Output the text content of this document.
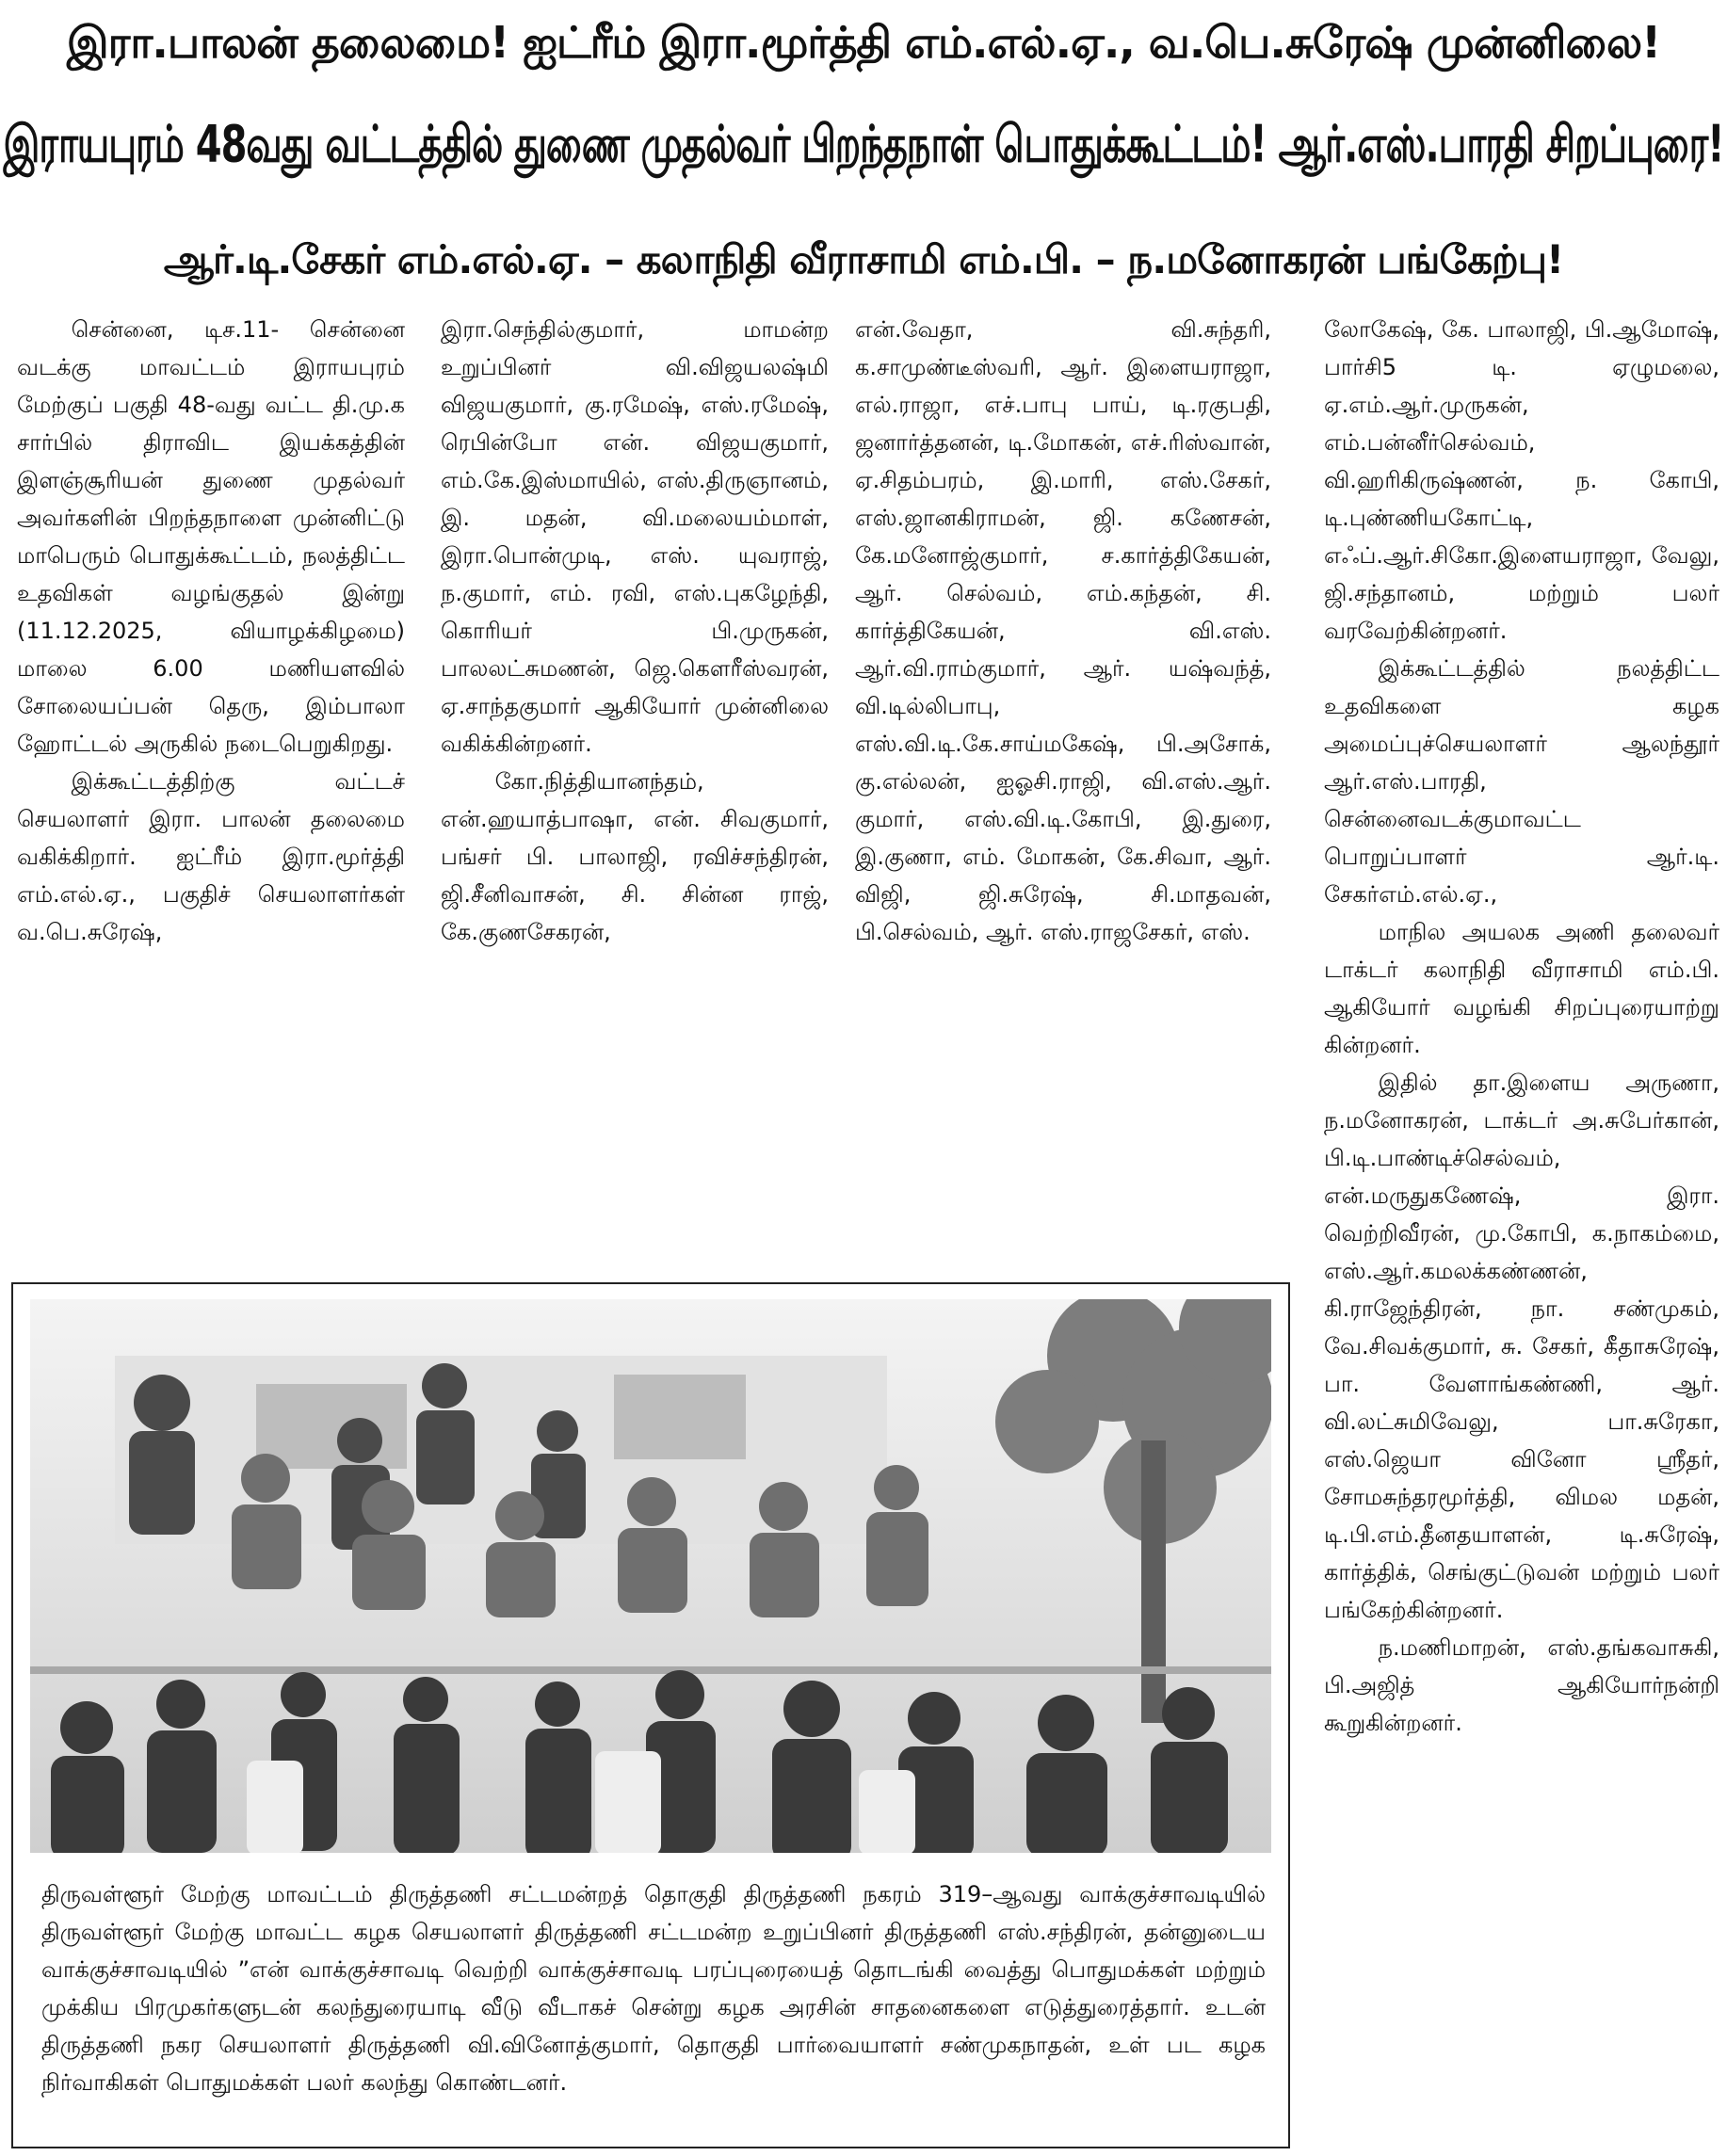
இரா.பாலன் தலைமை! ஐட்ரீம் இரா.மூர்த்தி எம்.எல்.ஏ., வ.பெ.சுரேஷ் முன்னிலை!
இராயபுரம் 48வது வட்டத்தில் துணை முதல்வர் பிறந்தநாள் பொதுக்கூட்டம்! ஆர்.எஸ்.பாரதி சிறப்புரை!
ஆர்.டி.சேகர் எம்.எல்.ஏ. – கலாநிதி வீராசாமி எம்.பி. – ந.மனோகரன் பங்கேற்பு!

சென்னை, டிச.11- சென்னை வடக்கு மாவட்டம் இராயபுரம் மேற்குப் பகுதி 48-வது வட்ட தி.மு.க சார்பில் திராவிட இயக்கத்தின் இளஞ்சூரியன் துணை முதல்வர் அவர்களின் பிறந்தநாளை முன்னிட்டு மாபெரும் பொதுக்கூட்டம், நலத்திட்ட உதவிகள் வழங்குதல் இன்று (11.12.2025, வியாழக்கிழமை) மாலை 6.00 மணியளவில் சோலையப்பன் தெரு, இம்பாலா ஹோட்டல் அருகில் நடைபெறுகிறது.

இக்கூட்டத்திற்கு வட்டச் செயலாளர் இரா. பாலன் தலைமை வகிக்கிறார். ஐட்ரீம் இரா.மூர்த்தி எம்.எல்.ஏ., பகுதிச் செயலாளர்கள் வ.பெ.சுரேஷ்,

இரா.செந்தில்குமார், மாமன்ற உறுப்பினர் வி.விஜயலஷ்மி விஜயகுமார், கு.ரமேஷ், எஸ்.ரமேஷ், ரெபின்போ என். விஜயகுமார், எம்.கே.இஸ்மாயில், எஸ்.திருஞானம், இ. மதன், வி.மலையம்மாள், இரா.பொன்முடி, எஸ். யுவராஜ், ந.குமார், எம். ரவி, எஸ்.புகழேந்தி, கொரியர் பி.முருகன், பாலலட்சுமணன், ஜெ.கௌரீஸ்வரன், ஏ.சாந்தகுமார் ஆகியோர் முன்னிலை வகிக்கின்றனர்.

கோ.நித்தியானந்தம், என்.ஹயாத்பாஷா, என். சிவகுமார், பங்சர் பி. பாலாஜி, ரவிச்சந்திரன், ஜி.சீனிவாசன், சி. சின்ன ராஜ், கே.குணசேகரன்,

என்.வேதா, வி.சுந்தரி, க.சாமுண்டீஸ்வரி, ஆர். இளையராஜா, எல்.ராஜா, எச்.பாபு பாய், டி.ரகுபதி, ஜனார்த்தனன், டி.மோகன், எச்.ரிஸ்வான், ஏ.சிதம்பரம், இ.மாரி, எஸ்.சேகர், எஸ்.ஜானகிராமன், ஜி. கணேசன், கே.மனோஜ்குமார், ச.கார்த்திகேயன், ஆர். செல்வம், எம்.கந்தன், சி. கார்த்திகேயன், வி.எஸ். ஆர்.வி.ராம்குமார், ஆர். யஷ்வந்த், வி.டில்லிபாபு, எஸ்.வி.டி.கே.சாய்மகேஷ், பி.அசோக், கு.எல்லன், ஐஓசி.ராஜி, வி.எஸ்.ஆர். குமார், எஸ்.வி.டி.கோபி, இ.துரை, இ.குணா, எம். மோகன், கே.சிவா, ஆர். விஜி, ஜி.சுரேஷ், சி.மாதவன், பி.செல்வம், ஆர். எஸ்.ராஜசேகர், எஸ்.

லோகேஷ், கே. பாலாஜி, பி.ஆமோஷ், பார்சி5 டி. ஏழுமலை, ஏ.எம்.ஆர்.முருகன், எம்.பன்னீர்செல்வம், வி.ஹரிகிருஷ்ணன், ந. கோபி, டி.புண்ணியகோட்டி, எஃப்.ஆர்.சிகோ.இளையராஜா, வேலு, ஜி.சந்தானம், மற்றும் பலர் வரவேற்கின்றனர்.

இக்கூட்டத்தில் நலத்திட்ட உதவிகளை கழக அமைப்புச்செயலாளர் ஆலந்தூர் ஆர்.எஸ்.பாரதி, சென்னைவடக்குமாவட்ட பொறுப்பாளர் ஆர்.டி. சேகர்எம்.எல்.ஏ.,

மாநில அயலக அணி தலைவர் டாக்டர் கலாநிதி வீராசாமி எம்.பி. ஆகியோர் வழங்கி சிறப்புரையாற்று கின்றனர்.

இதில் தா.இளைய அருணா, ந.மனோகரன், டாக்டர் அ.சுபேர்கான், பி.டி.பாண்டிச்செல்வம், என்.மருதுகணேஷ், இரா. வெற்றிவீரன், மு.கோபி, க.நாகம்மை, எஸ்.ஆர்.கமலக்கண்ணன், கி.ராஜேந்திரன், நா. சண்முகம், வே.சிவக்குமார், சு. சேகர், கீதாசுரேஷ், பா. வேளாங்கண்ணி, ஆர். வி.லட்சுமிவேலு, பா.சுரேகா, எஸ்.ஜெயா வினோ ஸ்ரீதர், சோமசுந்தரமூர்த்தி, விமல மதன், டி.பி.எம்.தீனதயாளன், டி.சுரேஷ், கார்த்திக், செங்குட்டுவன் மற்றும் பலர் பங்கேற்கின்றனர்.

ந.மணிமாறன், எஸ்.தங்கவாசுகி, பி.அஜித் ஆகியோர்நன்றி கூறுகின்றனர்.

திருவள்ளூர் மேற்கு மாவட்டம் திருத்தணி சட்டமன்றத் தொகுதி திருத்தணி நகரம் 319–ஆவது வாக்குச்சாவடியில் திருவள்ளூர் மேற்கு மாவட்ட கழக செயலாளர் திருத்தணி சட்டமன்ற உறுப்பினர் திருத்தணி எஸ்.சந்திரன், தன்னுடைய வாக்குச்சாவடியில் ”என் வாக்குச்சாவடி வெற்றி வாக்குச்சாவடி பரப்புரையைத் தொடங்கி வைத்து பொதுமக்கள் மற்றும் முக்கிய பிரமுகர்களுடன் கலந்துரையாடி வீடு வீடாகச் சென்று கழக அரசின் சாதனைகளை எடுத்துரைத்தார். உடன் திருத்தணி நகர செயலாளர் திருத்தணி வி.வினோத்குமார், தொகுதி பார்வையாளர் சண்முகநாதன், உள் பட கழக நிர்வாகிகள் பொதுமக்கள் பலர் கலந்து கொண்டனர்.
